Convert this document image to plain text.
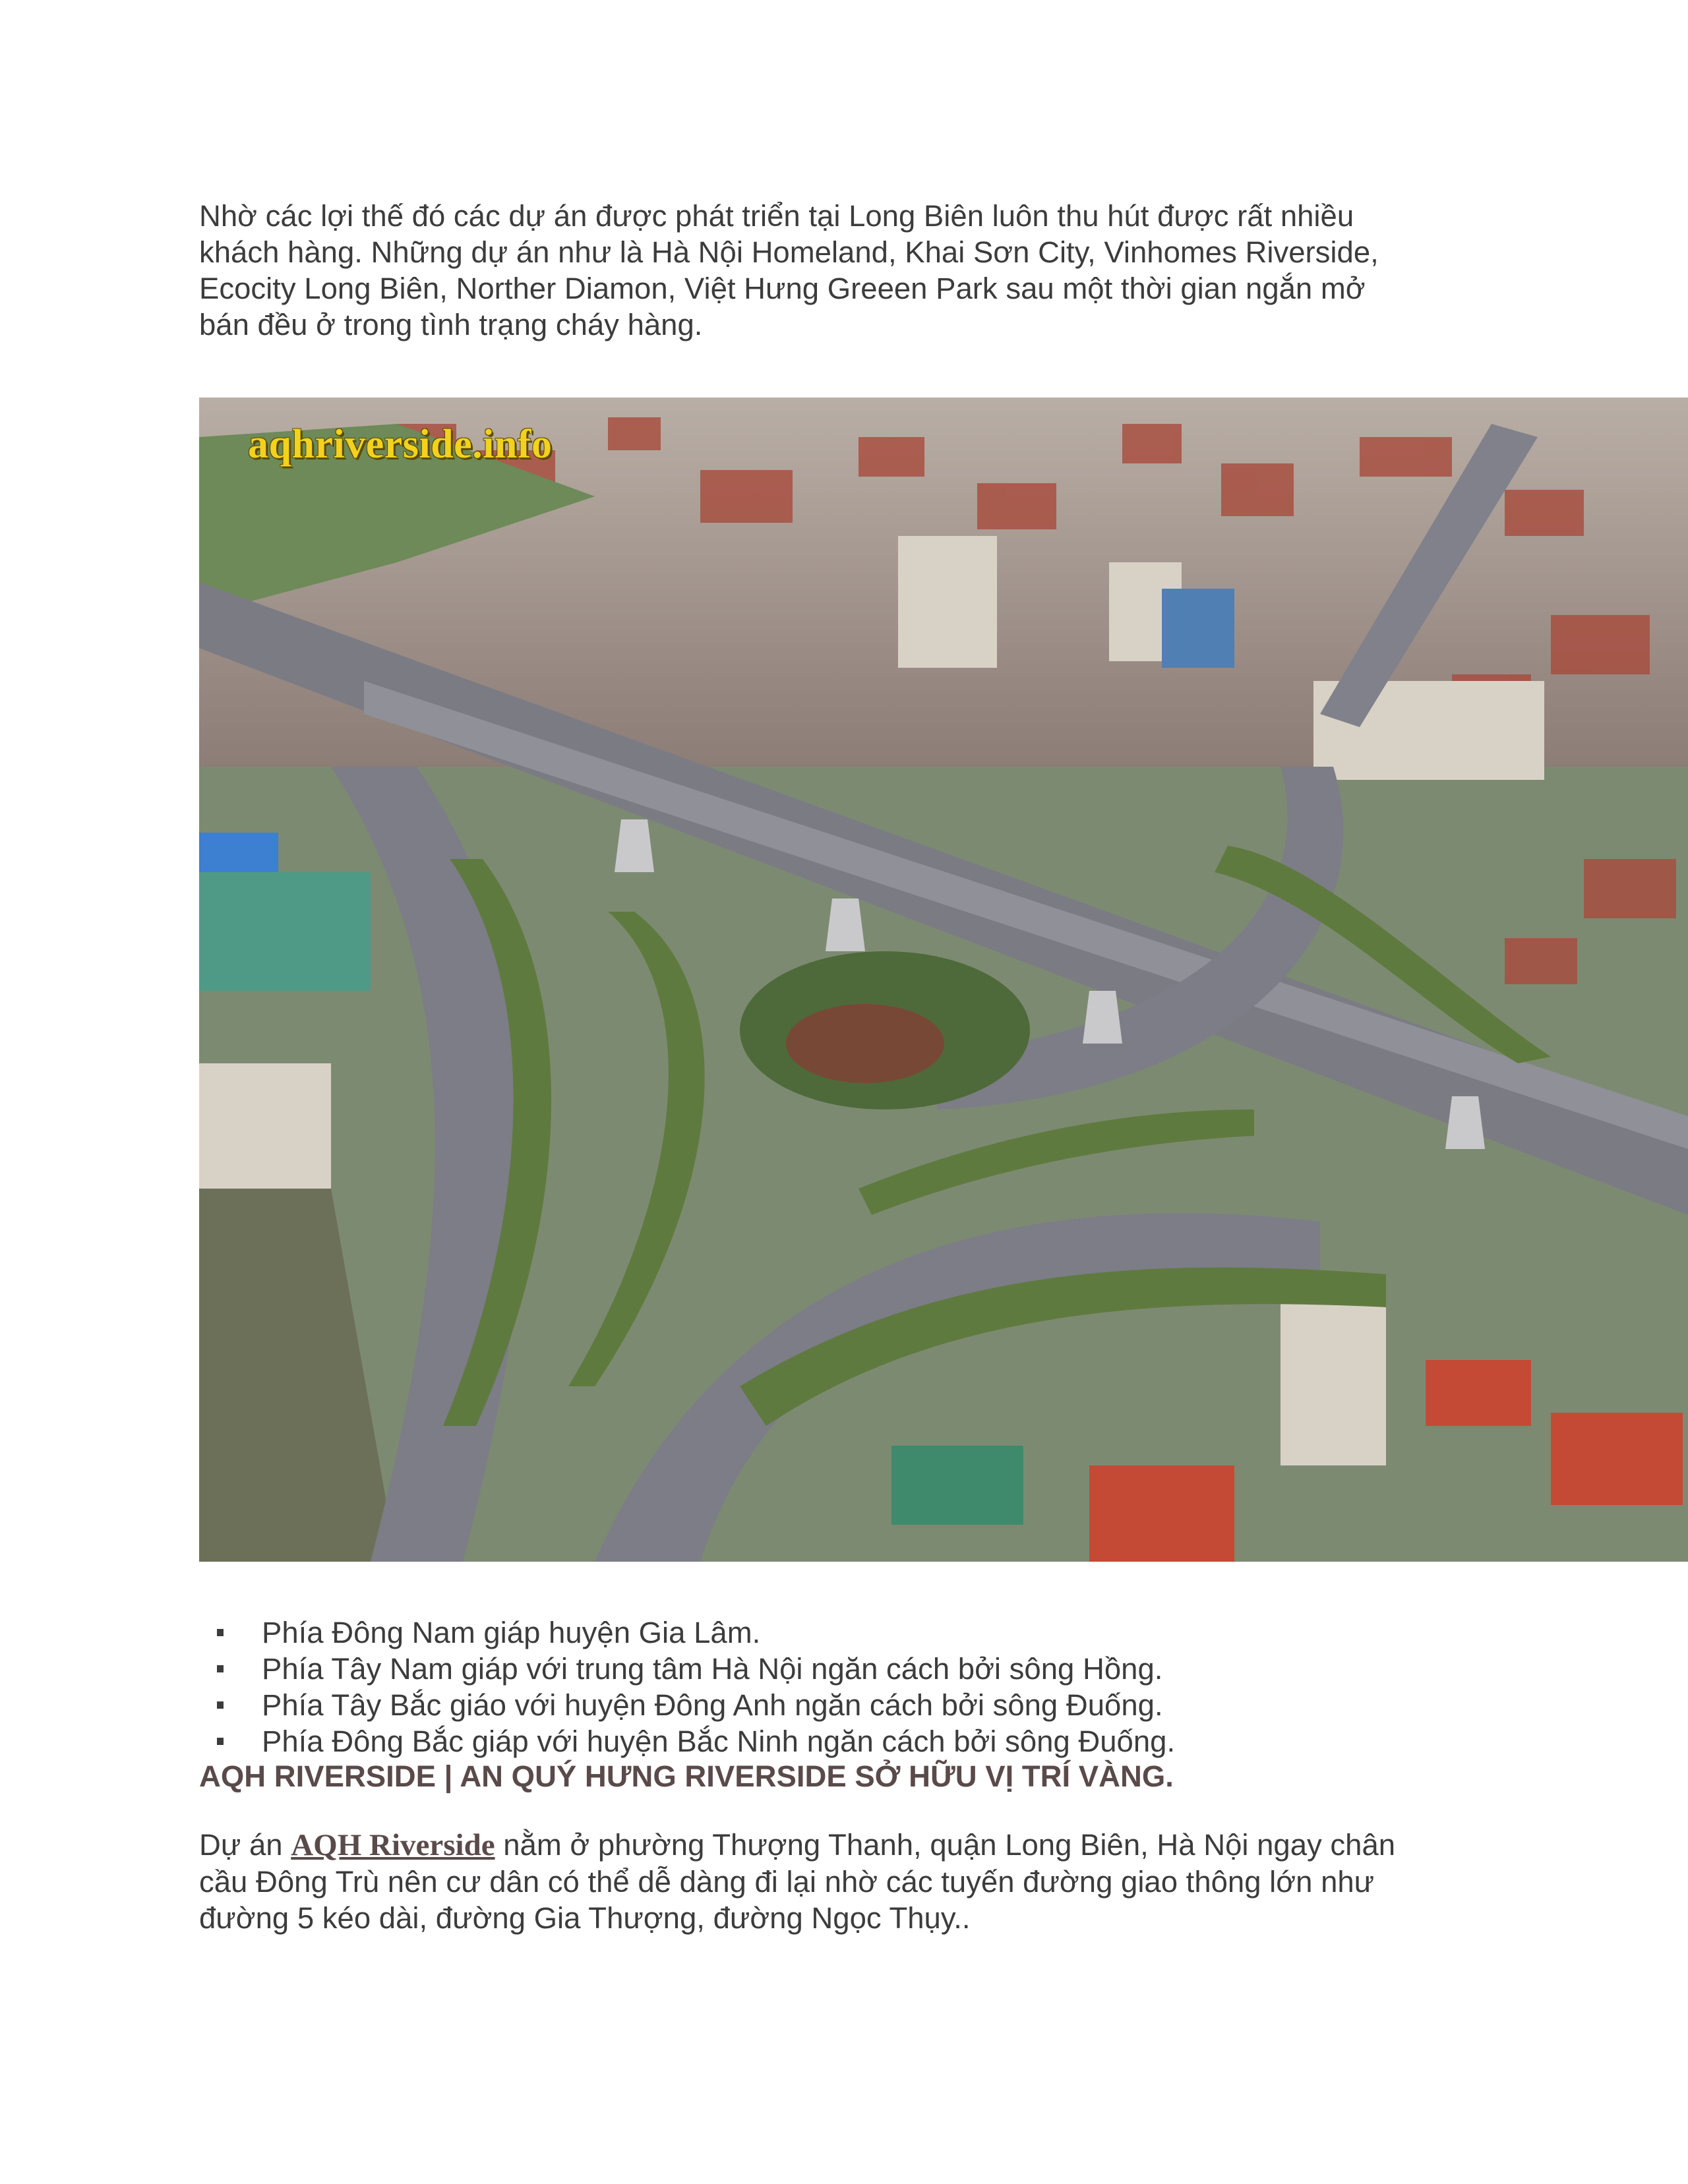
Nhờ các lợi thế đó các dự án được phát triển tại Long Biên luôn thu hút được rất nhiều
khách hàng. Những dự án như là Hà Nội Homeland, Khai Sơn City, Vinhomes Riverside,
Ecocity Long Biên, Norther Diamon, Việt Hưng Greeen Park sau một thời gian ngắn mở
bán đều ở trong tình trạng cháy hàng.

aqhriverside.info
Phía Đông Nam giáp huyện Gia Lâm.
Phía Tây Nam giáp với trung tâm Hà Nội ngăn cách bởi sông Hồng.
Phía Tây Bắc giáo với huyện Đông Anh ngăn cách bởi sông Đuống.
Phía Đông Bắc giáp với huyện Bắc Ninh ngăn cách bởi sông Đuống.
AQH RIVERSIDE | AN QUÝ HƯNG RIVERSIDE SỞ HỮU VỊ TRÍ VÀNG.

Dự án AQH Riverside nằm ở phường Thượng Thanh, quận Long Biên, Hà Nội ngay chân
cầu Đông Trù nên cư dân có thể dễ dàng đi lại nhờ các tuyến đường giao thông lớn như
đường 5 kéo dài, đường Gia Thượng, đường Ngọc Thụy..
